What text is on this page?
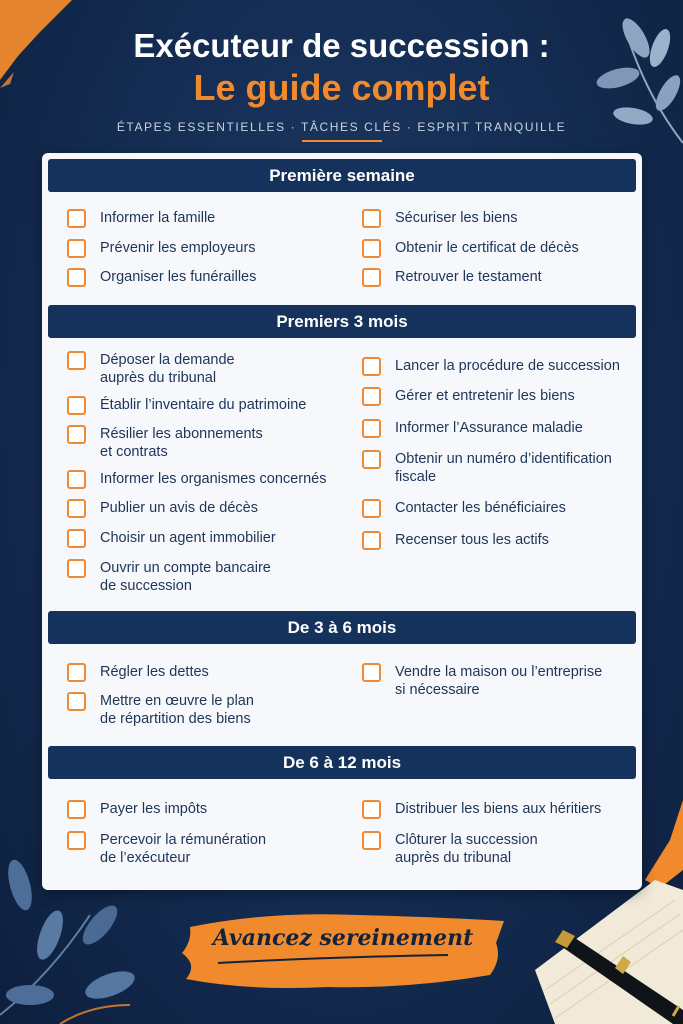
Exécuteur de succession :
Le guide complet
ÉTAPES ESSENTIELLES · TÂCHES CLÉS · ESPRIT TRANQUILLE
Première semaine
Informer la famille
Prévenir les employeurs
Organiser les funérailles
Sécuriser les biens
Obtenir le certificat de décès
Retrouver le testament
Premiers 3 mois
Déposer la demande
auprès du tribunal
Établir l’inventaire du patrimoine
Résilier les abonnements
et contrats
Informer les organismes concernés
Publier un avis de décès
Choisir un agent immobilier
Ouvrir un compte bancaire
de succession
Lancer la procédure de succession
Gérer et entretenir les biens
Informer l’Assurance maladie
Obtenir un numéro d’identification
fiscale
Contacter les bénéficiaires
Recenser tous les actifs
De 3 à 6 mois
Régler les dettes
Mettre en œuvre le plan
de répartition des biens
Vendre la maison ou l’entreprise
si nécessaire
De 6 à 12 mois
Payer les impôts
Percevoir la rémunération
de l’exécuteur
Distribuer les biens aux héritiers
Clôturer la succession
auprès du tribunal
Avancez sereinement
